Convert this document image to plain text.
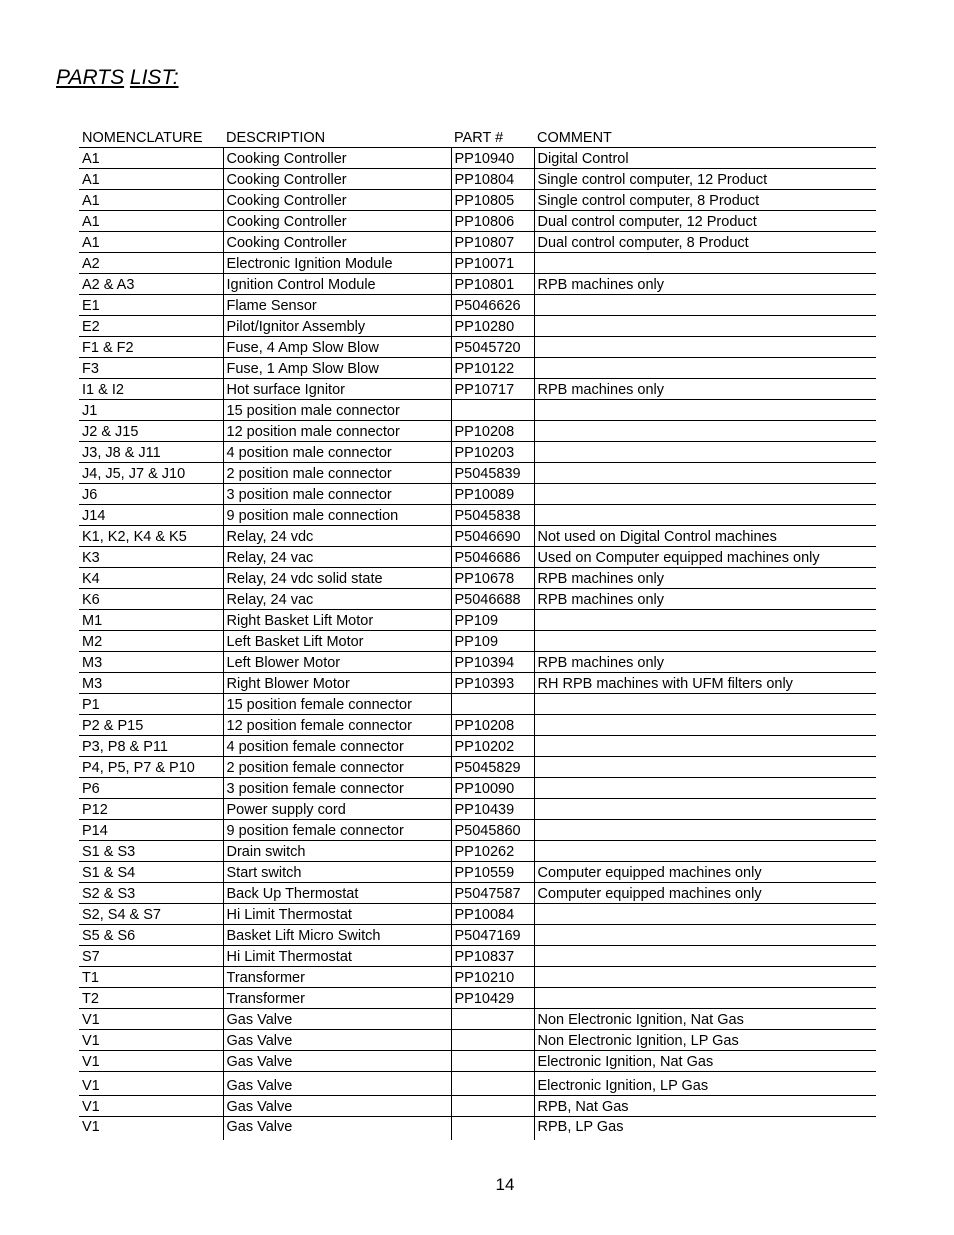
PARTS LIST:
NOMENCLATURE	DESCRIPTION	PART #	COMMENT
A1	Cooking Controller	PP10940	Digital Control
A1	Cooking Controller	PP10804	Single control computer, 12 Product
A1	Cooking Controller	PP10805	Single control computer, 8 Product
A1	Cooking Controller	PP10806	Dual control computer, 12 Product
A1	Cooking Controller	PP10807	Dual control computer, 8 Product
A2	Electronic Ignition Module	PP10071	
A2 & A3	Ignition Control Module	PP10801	RPB machines only
E1	Flame Sensor	P5046626	
E2	Pilot/Ignitor Assembly	PP10280	
F1 & F2	Fuse, 4 Amp Slow Blow	P5045720	
F3	Fuse, 1 Amp Slow Blow	PP10122	
I1 & I2	Hot surface Ignitor	PP10717	RPB machines only
J1	15 position male connector		
J2 & J15	12 position male connector	PP10208	
J3, J8 & J11	4 position male connector	PP10203	
J4, J5, J7 & J10	2 position male connector	P5045839	
J6	3 position male connector	PP10089	
J14	9 position male connection	P5045838	
K1, K2, K4 & K5	Relay, 24 vdc	P5046690	Not used on Digital Control machines
K3	Relay, 24 vac	P5046686	Used on Computer equipped machines only
K4	Relay, 24 vdc solid state	PP10678	RPB machines only
K6	Relay, 24 vac	P5046688	RPB machines only
M1	Right Basket Lift Motor	PP109	
M2	Left Basket Lift Motor	PP109	
M3	Left Blower Motor	PP10394	RPB machines only
M3	Right Blower Motor	PP10393	RH RPB machines with UFM filters only
P1	15 position female connector		
P2 & P15	12 position female connector	PP10208	
P3, P8 & P11	4 position female connector	PP10202	
P4, P5, P7 & P10	2 position female connector	P5045829	
P6	3 position female connector	PP10090	
P12	Power supply cord	PP10439	
P14	9 position female connector	P5045860	
S1 & S3	Drain switch	PP10262	
S1 & S4	Start switch	PP10559	Computer equipped machines only
S2 & S3	Back Up Thermostat	P5047587	Computer equipped machines only
S2, S4 & S7	Hi Limit Thermostat	PP10084	
S5 & S6	Basket Lift Micro Switch	P5047169	
S7	Hi Limit Thermostat	PP10837	
T1	Transformer	PP10210	
T2	Transformer	PP10429	
V1	Gas Valve		Non Electronic Ignition, Nat Gas
V1	Gas Valve		Non Electronic Ignition, LP Gas
V1	Gas Valve		Electronic Ignition, Nat Gas
V1	Gas Valve		Electronic Ignition, LP Gas
V1	Gas Valve		RPB, Nat Gas
V1	Gas Valve		RPB, LP Gas
14
